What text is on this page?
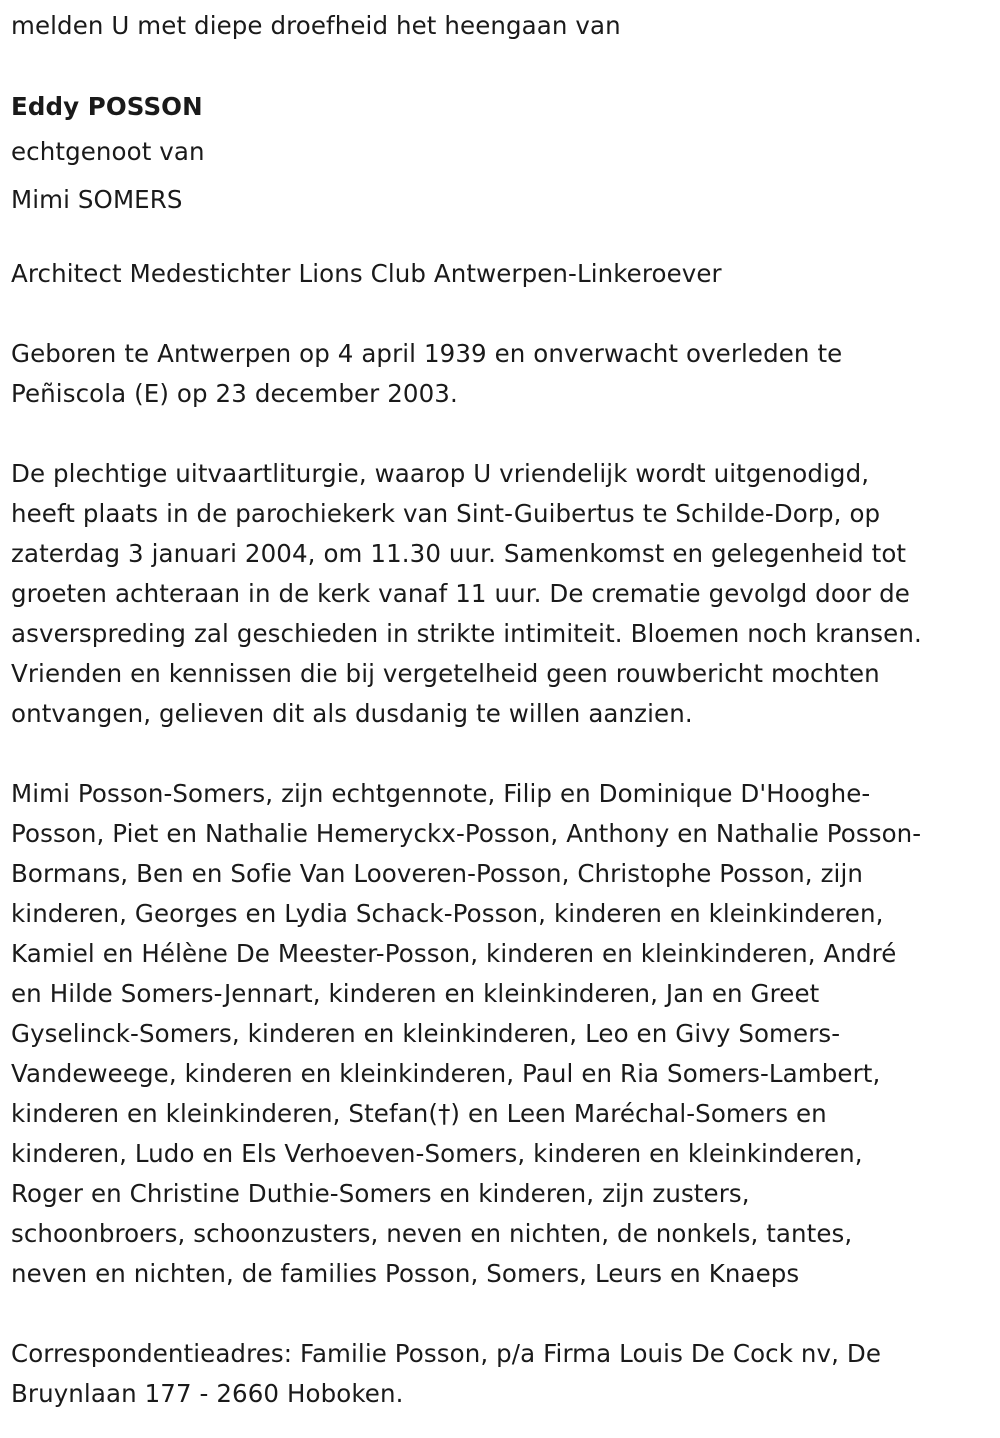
melden U met diepe droefheid het heengaan van
Eddy POSSON
echtgenoot van
Mimi SOMERS
Architect Medestichter Lions Club Antwerpen-Linkeroever
Geboren te Antwerpen op 4 april 1939 en onverwacht overleden te
Peñiscola (E) op 23 december 2003.
De plechtige uitvaartliturgie, waarop U vriendelijk wordt uitgenodigd,
heeft plaats in de parochiekerk van Sint-Guibertus te Schilde-Dorp, op
zaterdag 3 januari 2004, om 11.30 uur. Samenkomst en gelegenheid tot
groeten achteraan in de kerk vanaf 11 uur. De crematie gevolgd door de
asverspreding zal geschieden in strikte intimiteit. Bloemen noch kransen.
Vrienden en kennissen die bij vergetelheid geen rouwbericht mochten
ontvangen, gelieven dit als dusdanig te willen aanzien.
Mimi Posson-Somers, zijn echtgennote, Filip en Dominique D'Hooghe-
Posson, Piet en Nathalie Hemeryckx-Posson, Anthony en Nathalie Posson-
Bormans, Ben en Sofie Van Looveren-Posson, Christophe Posson, zijn
kinderen, Georges en Lydia Schack-Posson, kinderen en kleinkinderen,
Kamiel en Hélène De Meester-Posson, kinderen en kleinkinderen, André
en Hilde Somers-Jennart, kinderen en kleinkinderen, Jan en Greet
Gyselinck-Somers, kinderen en kleinkinderen, Leo en Givy Somers-
Vandeweege, kinderen en kleinkinderen, Paul en Ria Somers-Lambert,
kinderen en kleinkinderen, Stefan(†) en Leen Maréchal-Somers en
kinderen, Ludo en Els Verhoeven-Somers, kinderen en kleinkinderen,
Roger en Christine Duthie-Somers en kinderen, zijn zusters,
schoonbroers, schoonzusters, neven en nichten, de nonkels, tantes,
neven en nichten, de families Posson, Somers, Leurs en Knaeps
Correspondentieadres: Familie Posson, p/a Firma Louis De Cock nv, De
Bruynlaan 177 - 2660 Hoboken.
